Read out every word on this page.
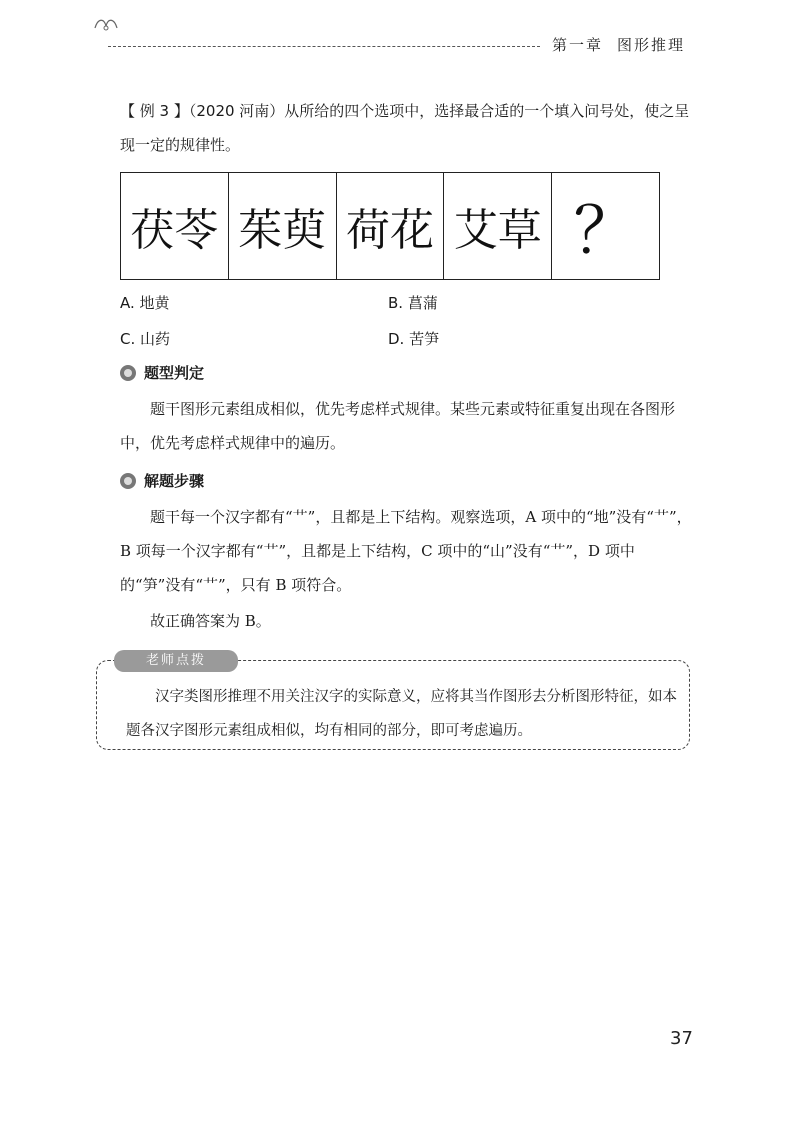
第一章 图形推理

【 例 3 】（2020 河南）从所给的四个选项中，选择最合适的一个填入问号处，使之呈现一定的规律性。

茯苓 茱萸 荷花 艾草 ？
A. 地黄	B. 菖蒲
C. 山药	D. 苦笋
题型判定

题干图形元素组成相似，优先考虑样式规律。某些元素或特征重复出现在各图形中，优先考虑样式规律中的遍历。

解题步骤

题干每一个汉字都有“艹”，且都是上下结构。观察选项，A 项中的“地”没有“艹”，B 项每一个汉字都有“艹”，且都是上下结构，C 项中的“山”没有“艹”，D 项中的“笋”没有“艹”，只有 B 项符合。

故正确答案为 B。

老师点拨

汉字类图形推理不用关注汉字的实际意义，应将其当作图形去分析图形特征，如本题各汉字图形元素组成相似，均有相同的部分，即可考虑遍历。

37
